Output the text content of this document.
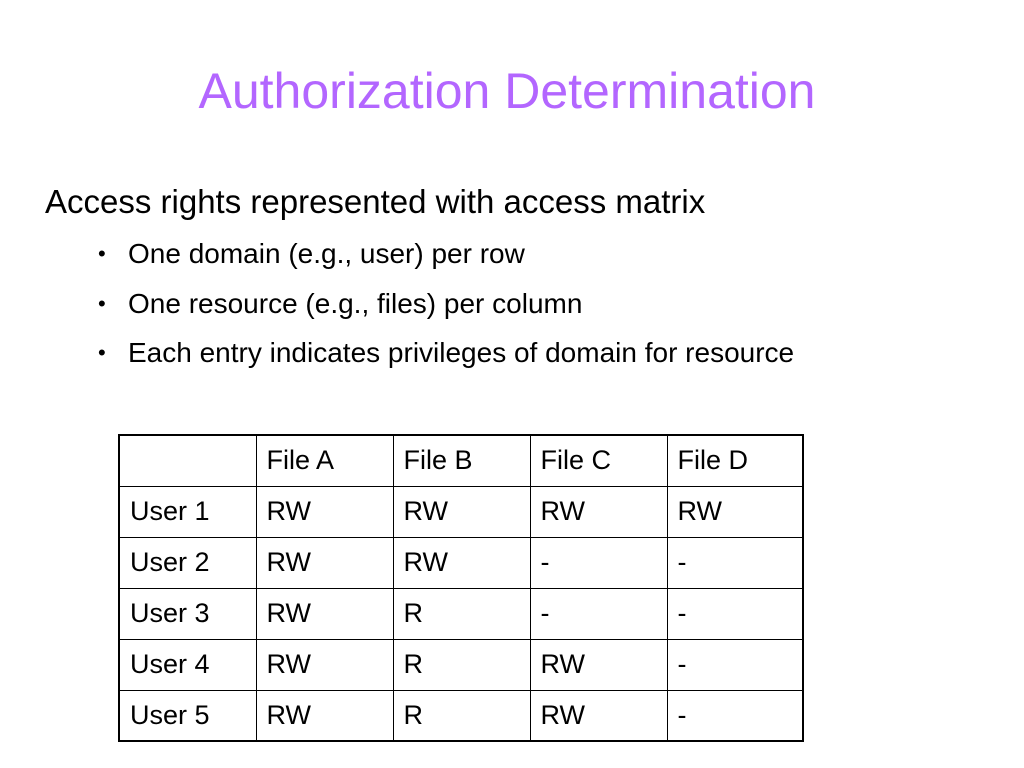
Authorization Determination
Access rights represented with access matrix
• One domain (e.g., user) per row
• One resource (e.g., files) per column
• Each entry indicates privileges of domain for resource
	File A	File B	File C	File D
User 1	RW	RW	RW	RW
User 2	RW	RW	-	-
User 3	RW	R	-	-
User 4	RW	R	RW	-
User 5	RW	R	RW	-
